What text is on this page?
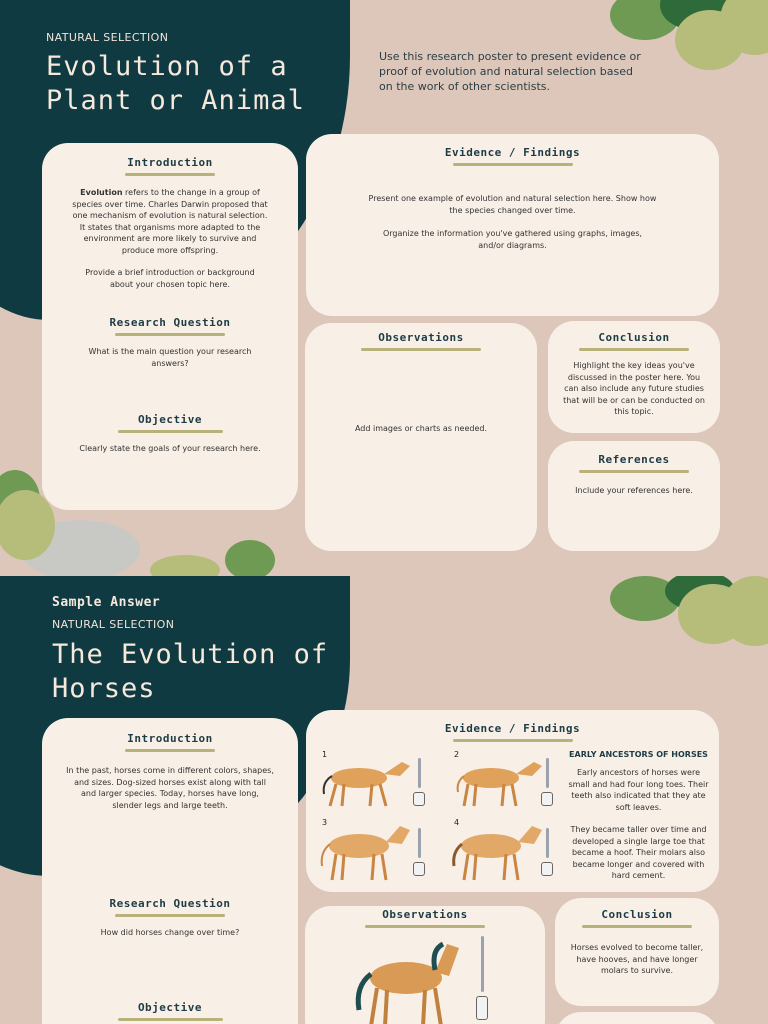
NATURAL SELECTION
Evolution of a
Plant or Animal
Use this research poster to present evidence or proof of evolution and natural selection based on the work of other scientists.
Introduction
Evolution refers to the change in a group of species over time. Charles Darwin proposed that one mechanism of evolution is natural selection. It states that organisms more adapted to the environment are more likely to survive and produce more offspring.
Provide a brief introduction or background about your chosen topic here.
Research Question
What is the main question your research answers?
Objective
Clearly state the goals of your research here.
Evidence / Findings
Present one example of evolution and natural selection here. Show how the species changed over time.
Organize the information you've gathered using graphs, images, and/or diagrams.
Observations
Add images or charts as needed.
Conclusion
Highlight the key ideas you've discussed in the poster here. You can also include any future studies that will be or can be conducted on this topic.
References
Include your references here.
Sample Answer
NATURAL SELECTION
The Evolution of
Horses
Introduction
In the past, horses come in different colors, shapes, and sizes. Dog-sized horses exist along with tall and larger species. Today, horses have long, slender legs and large teeth.
Research Question
How did horses change over time?
Objective
Evidence / Findings
1	2
3	4
EARLY ANCESTORS OF HORSES
Early ancestors of horses were small and had four long toes. Their teeth also indicated that they ate soft leaves.
They became taller over time and developed a single large toe that became a hoof. Their molars also became longer and covered with hard cement.
Observations	Conclusion
Horses evolved to become taller, have hooves, and have longer molars to survive.
